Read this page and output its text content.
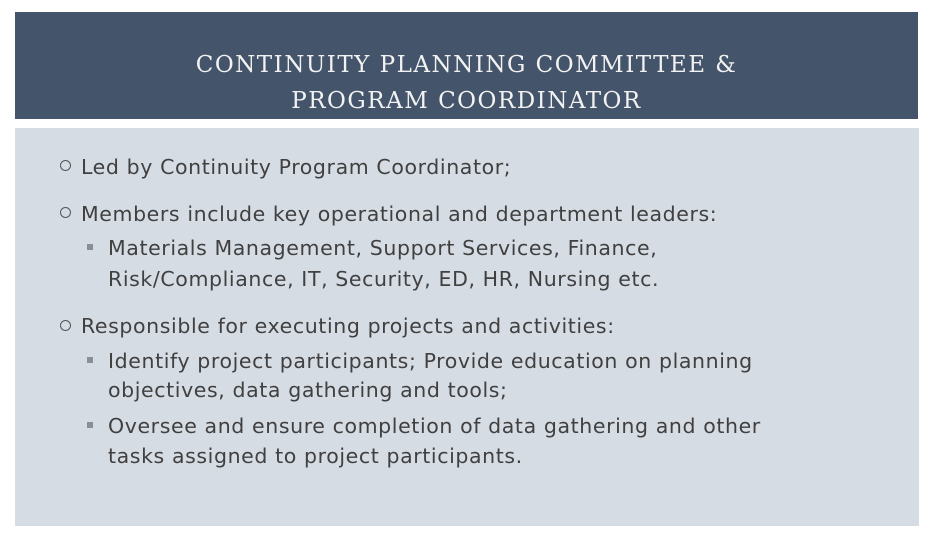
CONTINUITY PLANNING COMMITTEE &
PROGRAM COORDINATOR
Led by Continuity Program Coordinator;
Members include key operational and department leaders:
Materials Management, Support Services, Finance,
Risk/Compliance, IT, Security, ED, HR, Nursing etc.
Responsible for executing projects and activities:
Identify project participants; Provide education on planning
objectives, data gathering and tools;
Oversee and ensure completion of data gathering and other
tasks assigned to project participants.
